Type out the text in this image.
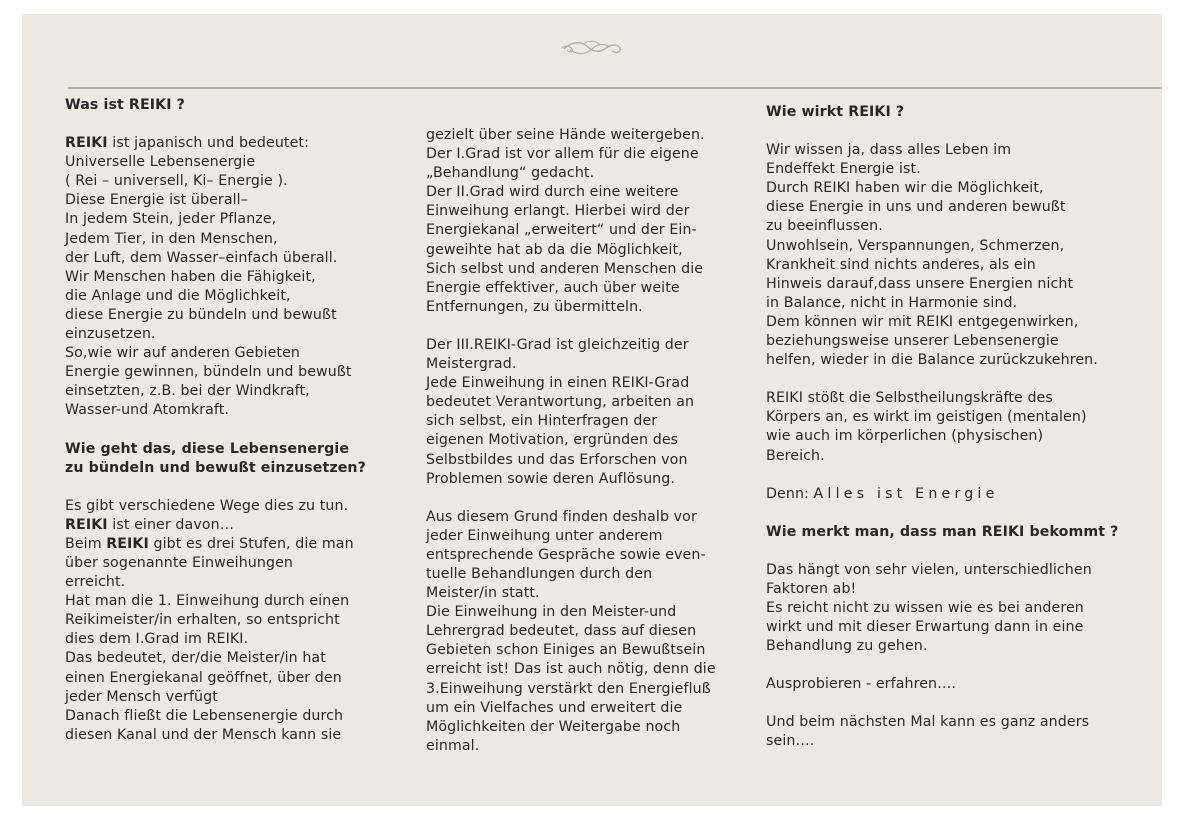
Was ist REIKI ?

REIKI ist japanisch und bedeutet:

Universelle Lebensenergie

( Rei – universell, Ki– Energie ).

Diese Energie ist überall–

In jedem Stein, jeder Pflanze,

Jedem Tier, in den Menschen,

der Luft, dem Wasser–einfach überall.

Wir Menschen haben die Fähigkeit,

die Anlage und die Möglichkeit,

diese Energie zu bündeln und bewußt

einzusetzen.

So,wie wir auf anderen Gebieten

Energie gewinnen, bündeln und bewußt

einsetzten, z.B. bei der Windkraft,

Wasser-und Atomkraft.

Wie geht das, diese Lebensenergie

zu bündeln und bewußt einzusetzen?

Es gibt verschiedene Wege dies zu tun.

REIKI ist einer davon…

Beim REIKI gibt es drei Stufen, die man

über sogenannte Einweihungen

erreicht.

Hat man die 1. Einweihung durch einen

Reikimeister/in erhalten, so entspricht

dies dem I.Grad im REIKI.

Das bedeutet, der/die Meister/in hat

einen Energiekanal geöffnet, über den

jeder Mensch verfügt

Danach fließt die Lebensenergie durch

diesen Kanal und der Mensch kann sie

gezielt über seine Hände weitergeben.

Der I.Grad ist vor allem für die eigene

„Behandlung“ gedacht.

Der II.Grad wird durch eine weitere

Einweihung erlangt. Hierbei wird der

Energiekanal „erweitert“ und der Ein-

geweihte hat ab da die Möglichkeit,

Sich selbst und anderen Menschen die

Energie effektiver, auch über weite

Entfernungen, zu übermitteln.

Der III.REIKI-Grad ist gleichzeitig der

Meistergrad.

Jede Einweihung in einen REIKI-Grad

bedeutet Verantwortung, arbeiten an

sich selbst, ein Hinterfragen der

eigenen Motivation, ergründen des

Selbstbildes und das Erforschen von

Problemen sowie deren Auflösung.

Aus diesem Grund finden deshalb vor

jeder Einweihung unter anderem

entsprechende Gespräche sowie even-

tuelle Behandlungen durch den

Meister/in statt.

Die Einweihung in den Meister-und

Lehrergrad bedeutet, dass auf diesen

Gebieten schon Einiges an Bewußtsein

erreicht ist! Das ist auch nötig, denn die

3.Einweihung verstärkt den Energiefluß

um ein Vielfaches und erweitert die

Möglichkeiten der Weitergabe noch

einmal.

Wie wirkt REIKI ?

Wir wissen ja, dass alles Leben im

Endeffekt Energie ist.

Durch REIKI haben wir die Möglichkeit,

diese Energie in uns und anderen bewußt

zu beeinflussen.

Unwohlsein, Verspannungen, Schmerzen,

Krankheit sind nichts anderes, als ein

Hinweis darauf,dass unsere Energien nicht

in Balance, nicht in Harmonie sind.

Dem können wir mit REIKI entgegenwirken,

beziehungsweise unserer Lebensenergie

helfen, wieder in die Balance zurückzukehren.

REIKI stößt die Selbstheilungskräfte des

Körpers an, es wirkt im geistigen (mentalen)

wie auch im körperlichen (physischen)

Bereich.

Denn: Alles ist Energie

Wie merkt man, dass man REIKI bekommt ?

Das hängt von sehr vielen, unterschiedlichen

Faktoren ab!

Es reicht nicht zu wissen wie es bei anderen

wirkt und mit dieser Erwartung dann in eine

Behandlung zu gehen.

Ausprobieren - erfahren….

Und beim nächsten Mal kann es ganz anders

sein….
